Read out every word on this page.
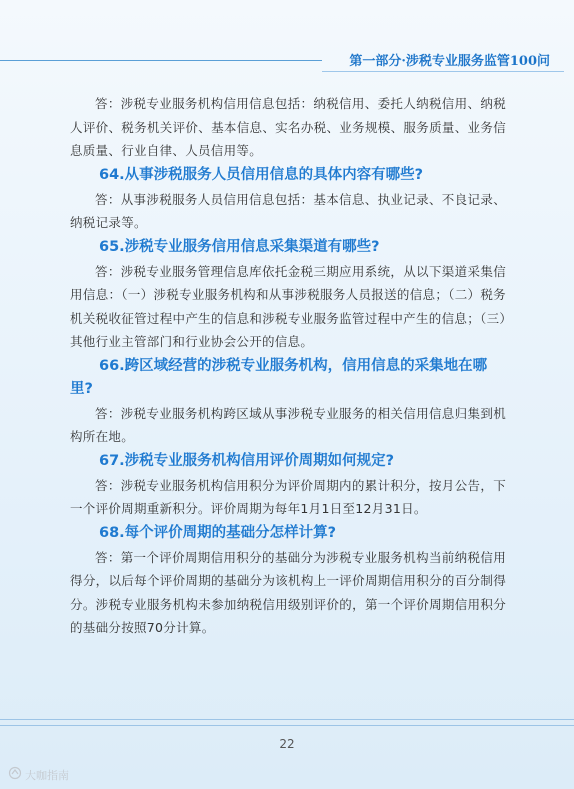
第一部分·涉税专业服务监管100问

答：涉税专业服务机构信用信息包括：纳税信用、委托人纳税信用、纳税人评价、税务机关评价、基本信息、实名办税、业务规模、服务质量、业务信息质量、行业自律、人员信用等。

64.从事涉税服务人员信用信息的具体内容有哪些?

答：从事涉税服务人员信用信息包括：基本信息、执业记录、不良记录、纳税记录等。

65.涉税专业服务信用信息采集渠道有哪些?

答：涉税专业服务管理信息库依托金税三期应用系统，从以下渠道采集信用信息：（一）涉税专业服务机构和从事涉税服务人员报送的信息；（二）税务机关税收征管过程中产生的信息和涉税专业服务监管过程中产生的信息；（三）其他行业主管部门和行业协会公开的信息。

66.跨区域经营的涉税专业服务机构，信用信息的采集地在哪里?

答：涉税专业服务机构跨区域从事涉税专业服务的相关信用信息归集到机构所在地。

67.涉税专业服务机构信用评价周期如何规定?

答：涉税专业服务机构信用积分为评价周期内的累计积分，按月公告，下一个评价周期重新积分。评价周期为每年1月1日至12月31日。

68.每个评价周期的基础分怎样计算?

答：第一个评价周期信用积分的基础分为涉税专业服务机构当前纳税信用得分，以后每个评价周期的基础分为该机构上一评价周期信用积分的百分制得分。涉税专业服务机构未参加纳税信用级别评价的，第一个评价周期信用积分的基础分按照70分计算。

22
大咖指南
